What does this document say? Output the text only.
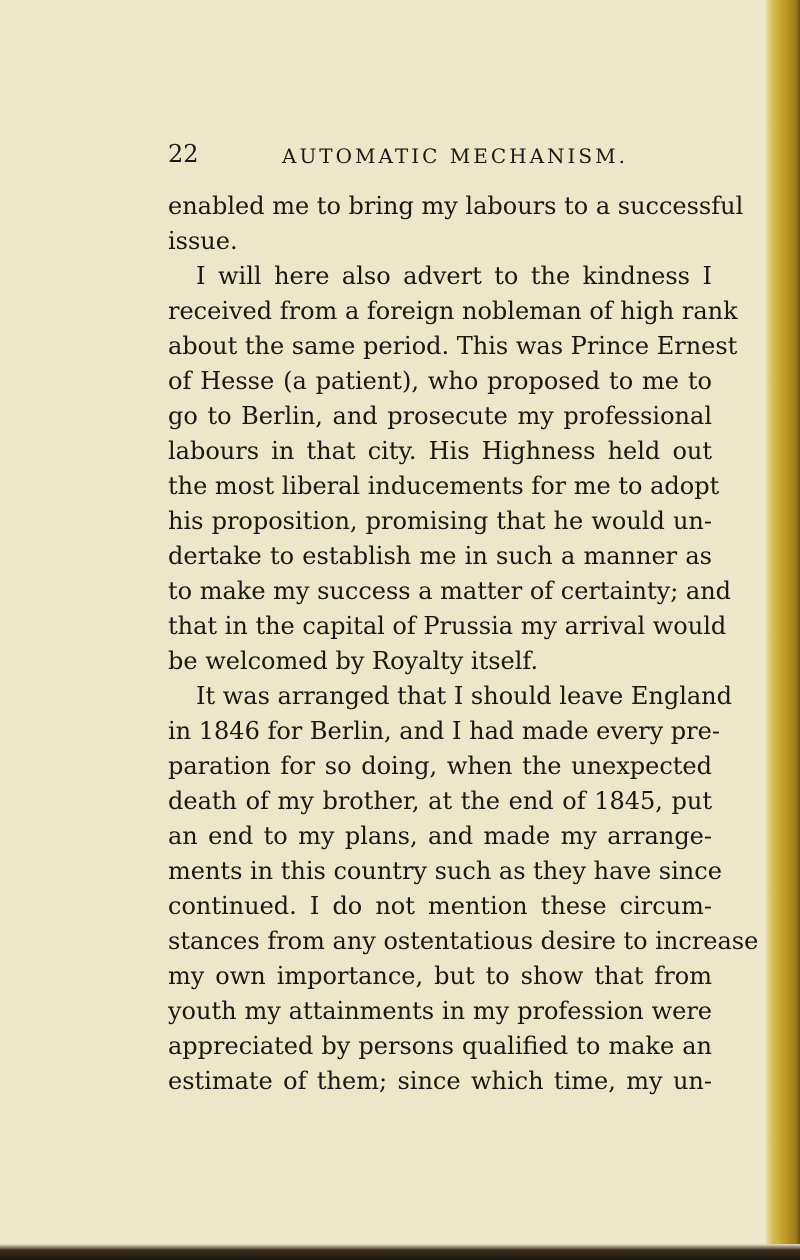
22	AUTOMATIC MECHANISM.
enabled me to bring my labours to a successful
issue.
I will here also advert to the kindness I
received from a foreign nobleman of high rank
about the same period. This was Prince Ernest
of Hesse (a patient), who proposed to me to
go to Berlin, and prosecute my professional
labours in that city. His Highness held out
the most liberal inducements for me to adopt
his proposition, promising that he would un-
dertake to establish me in such a manner as
to make my success a matter of certainty; and
that in the capital of Prussia my arrival would
be welcomed by Royalty itself.
It was arranged that I should leave England
in 1846 for Berlin, and I had made every pre-
paration for so doing, when the unexpected
death of my brother, at the end of 1845, put
an end to my plans, and made my arrange-
ments in this country such as they have since
continued. I do not mention these circum-
stances from any ostentatious desire to increase
my own importance, but to show that from
youth my attainments in my profession were
appreciated by persons qualified to make an
estimate of them; since which time, my un-
